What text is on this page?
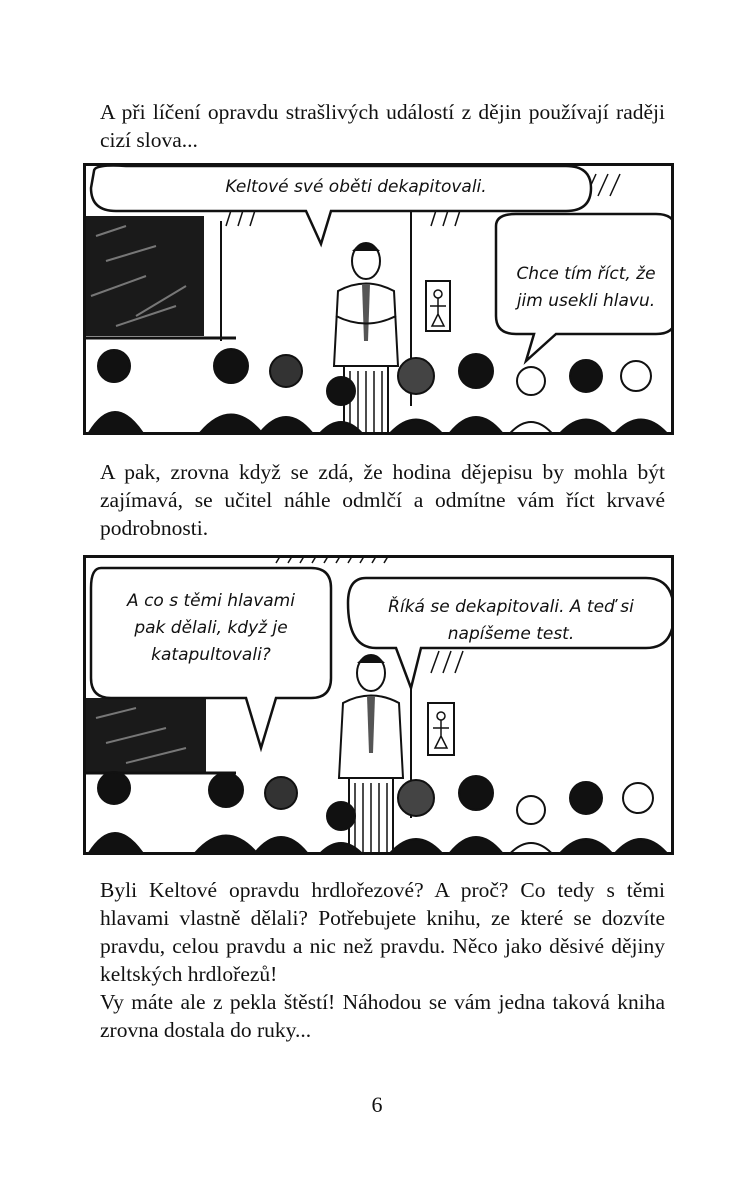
A při líčení opravdu strašlivých událostí z dějin používají raději cizí slova...

Keltové své oběti dekapitovali.
Chce tím říct, že
jim usekli hlavu.

A pak, zrovna když se zdá, že hodina dějepisu by mohla být zajímavá, se učitel náhle odmlčí a odmítne vám říct krvavé podrobnosti.

A co s těmi hlavami
pak dělali, když je
katapultovali?
Říká se dekapitovali. A teď si
napíšeme test.

Byli Keltové opravdu hrdlořezové? A proč? Co tedy s těmi hlavami vlastně dělali? Potřebujete knihu, ze které se dozvíte pravdu, celou pravdu a nic než pravdu. Něco jako děsivé dějiny keltských hrdlořezů!

Vy máte ale z pekla štěstí! Náhodou se vám jedna taková kniha zrovna dostala do ruky...

6
